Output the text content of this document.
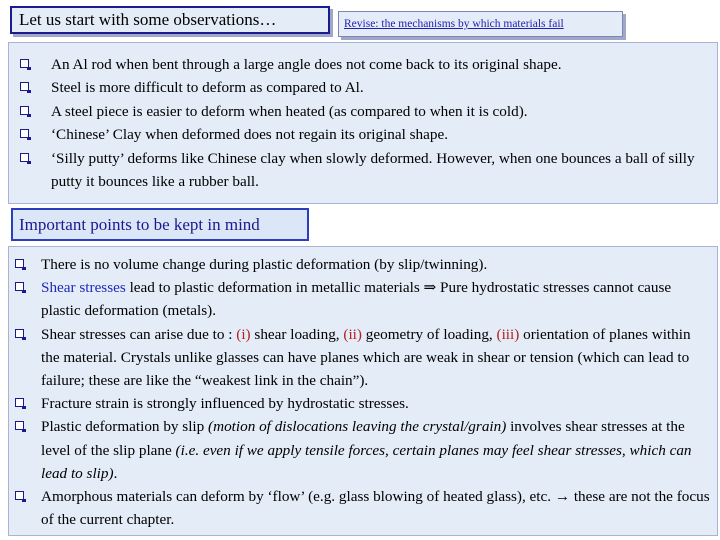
Let us start with some observations…	Revise: the mechanisms by which materials fail
An Al rod when bent through a large angle does not come back to its original shape.
Steel is more difficult to deform as compared to Al.
A steel piece is easier to deform when heated (as compared to when it is cold).
‘Chinese’ Clay when deformed does not regain its original shape.
‘Silly putty’ deforms like Chinese clay when slowly deformed. However, when one bounces a ball of silly putty it bounces like a rubber ball.
Important points to be kept in mind
There is no volume change during plastic deformation (by slip/twinning).
Shear stresses lead to plastic deformation in metallic materials ⇒ Pure hydrostatic stresses cannot cause plastic deformation (metals).
Shear stresses can arise due to : (i) shear loading, (ii) geometry of loading, (iii) orientation of planes within the material. Crystals unlike glasses can have planes which are weak in shear or tension (which can lead to failure; these are like the “weakest link in the chain”).
Fracture strain is strongly influenced by hydrostatic stresses.
Plastic deformation by slip (motion of dislocations leaving the crystal/grain) involves shear stresses at the level of the slip plane (i.e. even if we apply tensile forces, certain planes may feel shear stresses, which can lead to slip).
Amorphous materials can deform by ‘flow’ (e.g. glass blowing of heated glass), etc. → these are not the focus of the current chapter.
